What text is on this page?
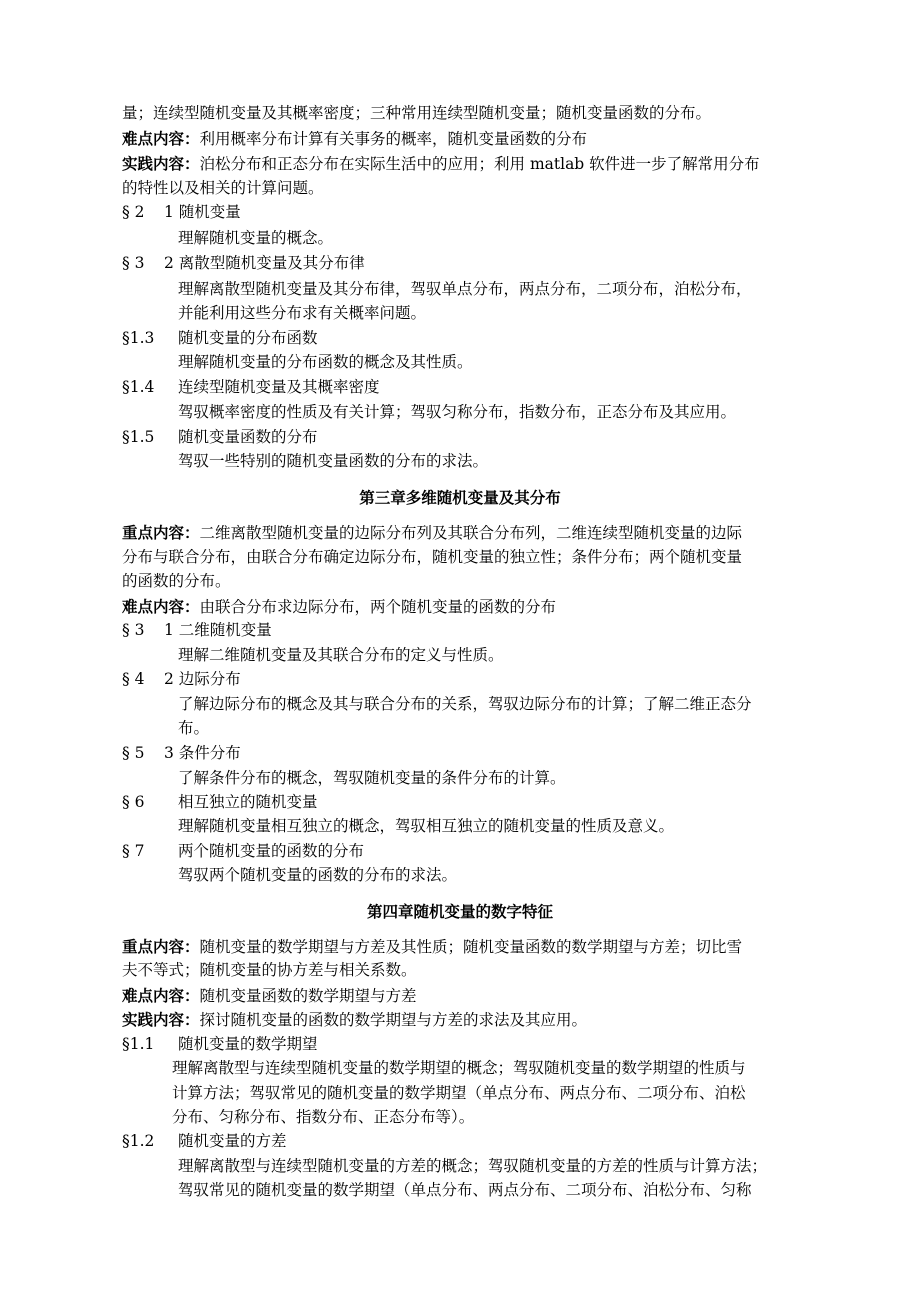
量；连续型随机变量及其概率密度；三种常用连续型随机变量；随机变量函数的分布。
难点内容：利用概率分布计算有关事务的概率，随机变量函数的分布
实践内容：泊松分布和正态分布在实际生活中的应用；利用 matlab 软件进一步了解常用分布
的特性以及相关的计算问题。
§ 2 1 随机变量
理解随机变量的概念。
§ 3 2 离散型随机变量及其分布律
理解离散型随机变量及其分布律，驾驭单点分布，两点分布，二项分布，泊松分布，
并能利用这些分布求有关概率问题。
§1.3 随机变量的分布函数
理解随机变量的分布函数的概念及其性质。
§1.4 连续型随机变量及其概率密度
驾驭概率密度的性质及有关计算；驾驭匀称分布，指数分布，正态分布及其应用。
§1.5 随机变量函数的分布
驾驭一些特别的随机变量函数的分布的求法。
第三章多维随机变量及其分布
重点内容：二维离散型随机变量的边际分布列及其联合分布列，二维连续型随机变量的边际
分布与联合分布，由联合分布确定边际分布，随机变量的独立性；条件分布；两个随机变量
的函数的分布。
难点内容：由联合分布求边际分布，两个随机变量的函数的分布
§ 3 1 二维随机变量
理解二维随机变量及其联合分布的定义与性质。
§ 4 2 边际分布
了解边际分布的概念及其与联合分布的关系，驾驭边际分布的计算；了解二维正态分
布。
§ 5 3 条件分布
了解条件分布的概念，驾驭随机变量的条件分布的计算。
§ 6 相互独立的随机变量
理解随机变量相互独立的概念，驾驭相互独立的随机变量的性质及意义。
§ 7 两个随机变量的函数的分布
驾驭两个随机变量的函数的分布的求法。
第四章随机变量的数字特征
重点内容：随机变量的数学期望与方差及其性质；随机变量函数的数学期望与方差；切比雪
夫不等式；随机变量的协方差与相关系数。
难点内容：随机变量函数的数学期望与方差
实践内容：探讨随机变量的函数的数学期望与方差的求法及其应用。
§1.1 随机变量的数学期望
理解离散型与连续型随机变量的数学期望的概念；驾驭随机变量的数学期望的性质与
计算方法；驾驭常见的随机变量的数学期望（单点分布、两点分布、二项分布、泊松
分布、匀称分布、指数分布、正态分布等）。
§1.2 随机变量的方差
理解离散型与连续型随机变量的方差的概念；驾驭随机变量的方差的性质与计算方法；
驾驭常见的随机变量的数学期望（单点分布、两点分布、二项分布、泊松分布、匀称
